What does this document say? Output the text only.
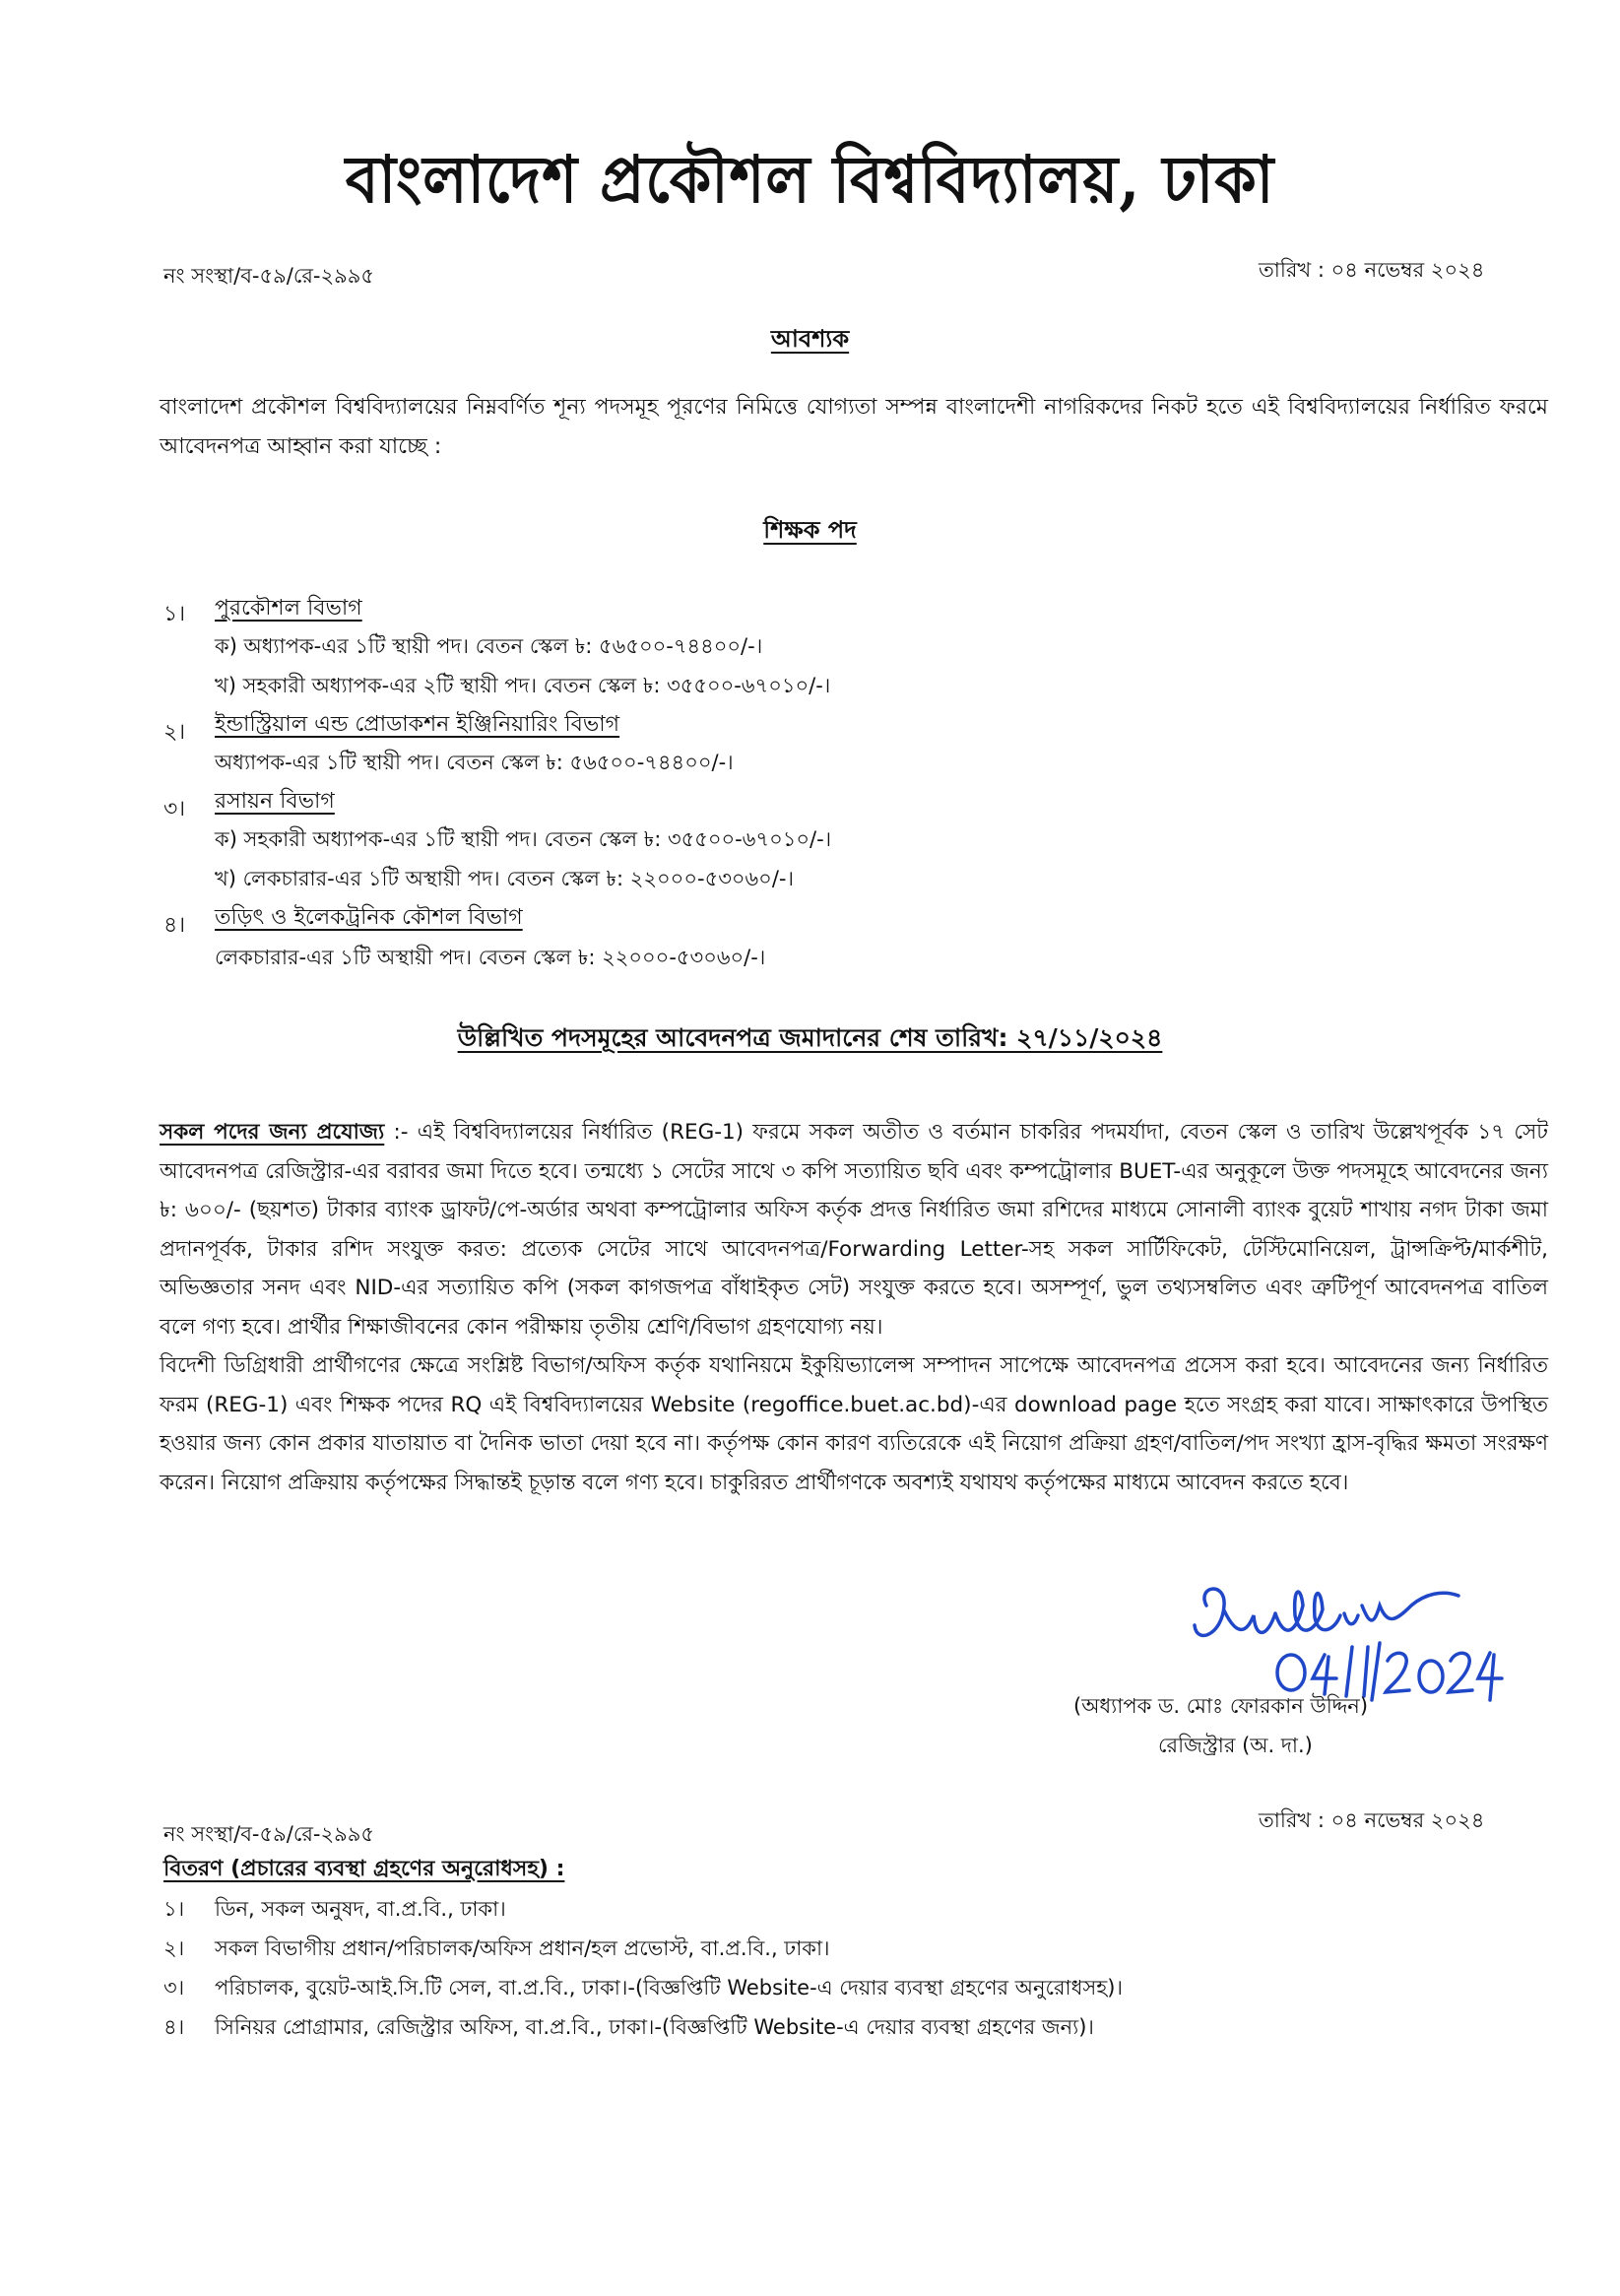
বাংলাদেশ প্রকৌশল বিশ্ববিদ্যালয়, ঢাকা
নং সংস্থা/ব-৫৯/রে-২৯৯৫	তারিখ : ০৪ নভেম্বর ২০২৪
আবশ্যক
বাংলাদেশ প্রকৌশল বিশ্ববিদ্যালয়ের নিম্নবর্ণিত শূন্য পদসমূহ পূরণের নিমিত্তে যোগ্যতা সম্পন্ন বাংলাদেশী নাগরিকদের নিকট হতে এই বিশ্ববিদ্যালয়ের নির্ধারিত ফরমে আবেদনপত্র আহ্বান করা যাচ্ছে :
শিক্ষক পদ
১। পুরকৌশল বিভাগ
ক) অধ্যাপক-এর ১টি স্থায়ী পদ। বেতন স্কেল ৳: ৫৬৫০০-৭৪৪০০/-।
খ) সহকারী অধ্যাপক-এর ২টি স্থায়ী পদ। বেতন স্কেল ৳: ৩৫৫০০-৬৭০১০/-।
২। ইন্ডাস্ট্রিয়াল এন্ড প্রোডাকশন ইঞ্জিনিয়ারিং বিভাগ
অধ্যাপক-এর ১টি স্থায়ী পদ। বেতন স্কেল ৳: ৫৬৫০০-৭৪৪০০/-।
৩। রসায়ন বিভাগ
ক) সহকারী অধ্যাপক-এর ১টি স্থায়ী পদ। বেতন স্কেল ৳: ৩৫৫০০-৬৭০১০/-।
খ) লেকচারার-এর ১টি অস্থায়ী পদ। বেতন স্কেল ৳: ২২০০০-৫৩০৬০/-।
৪। তড়িৎ ও ইলেকট্রনিক কৌশল বিভাগ
লেকচারার-এর ১টি অস্থায়ী পদ। বেতন স্কেল ৳: ২২০০০-৫৩০৬০/-।
উল্লিখিত পদসমূহের আবেদনপত্র জমাদানের শেষ তারিখ: ২৭/১১/২০২৪

সকল পদের জন্য প্রযোজ্য :- এই বিশ্ববিদ্যালয়ের নির্ধারিত (REG-1) ফরমে সকল অতীত ও বর্তমান চাকরির পদমর্যাদা, বেতন স্কেল ও তারিখ উল্লেখপূর্বক ১৭ সেট আবেদনপত্র রেজিস্ট্রার-এর বরাবর জমা দিতে হবে। তন্মধ্যে ১ সেটের সাথে ৩ কপি সত্যায়িত ছবি এবং কম্পট্রোলার BUET-এর অনুকূলে উক্ত পদসমূহে আবেদনের জন্য ৳: ৬০০/- (ছয়শত) টাকার ব্যাংক ড্রাফট/পে-অর্ডার অথবা কম্পট্রোলার অফিস কর্তৃক প্রদত্ত নির্ধারিত জমা রশিদের মাধ্যমে সোনালী ব্যাংক বুয়েট শাখায় নগদ টাকা জমা প্রদানপূর্বক, টাকার রশিদ সংযুক্ত করত: প্রত্যেক সেটের সাথে আবেদনপত্র/Forwarding Letter-সহ সকল সার্টিফিকেট, টেস্টিমোনিয়েল, ট্রান্সক্রিপ্ট/মার্কশীট, অভিজ্ঞতার সনদ এবং NID-এর সত্যায়িত কপি (সকল কাগজপত্র বাঁধাইকৃত সেট) সংযুক্ত করতে হবে। অসম্পূর্ণ, ভুল তথ্যসম্বলিত এবং ত্রুটিপূর্ণ আবেদনপত্র বাতিল বলে গণ্য হবে। প্রার্থীর শিক্ষাজীবনের কোন পরীক্ষায় তৃতীয় শ্রেণি/বিভাগ গ্রহণযোগ্য নয়।

বিদেশী ডিগ্রিধারী প্রার্থীগণের ক্ষেত্রে সংশ্লিষ্ট বিভাগ/অফিস কর্তৃক যথানিয়মে ইকুয়িভ্যালেন্স সম্পাদন সাপেক্ষে আবেদনপত্র প্রসেস করা হবে। আবেদনের জন্য নির্ধারিত ফরম (REG-1) এবং শিক্ষক পদের RQ এই বিশ্ববিদ্যালয়ের Website (regoffice.buet.ac.bd)-এর download page হতে সংগ্রহ করা যাবে। সাক্ষাৎকারে উপস্থিত হওয়ার জন্য কোন প্রকার যাতায়াত বা দৈনিক ভাতা দেয়া হবে না। কর্তৃপক্ষ কোন কারণ ব্যতিরেকে এই নিয়োগ প্রক্রিয়া গ্রহণ/বাতিল/পদ সংখ্যা হ্রাস-বৃদ্ধির ক্ষমতা সংরক্ষণ করেন। নিয়োগ প্রক্রিয়ায় কর্তৃপক্ষের সিদ্ধান্তই চূড়ান্ত বলে গণ্য হবে। চাকুরিরত প্রার্থীগণকে অবশ্যই যথাযথ কর্তৃপক্ষের মাধ্যমে আবেদন করতে হবে।

(অধ্যাপক ড. মোঃ ফোরকান উদ্দিন)
রেজিস্ট্রার (অ. দা.)
নং সংস্থা/ব-৫৯/রে-২৯৯৫
তারিখ : ০৪ নভেম্বর ২০২৪
বিতরণ (প্রচারের ব্যবস্থা গ্রহণের অনুরোধসহ) :
১। ডিন, সকল অনুষদ, বা.প্র.বি., ঢাকা।
২। সকল বিভাগীয় প্রধান/পরিচালক/অফিস প্রধান/হল প্রভোস্ট, বা.প্র.বি., ঢাকা।
৩। পরিচালক, বুয়েট-আই.সি.টি সেল, বা.প্র.বি., ঢাকা।-(বিজ্ঞপ্তিটি Website-এ দেয়ার ব্যবস্থা গ্রহণের অনুরোধসহ)।
৪। সিনিয়র প্রোগ্রামার, রেজিস্ট্রার অফিস, বা.প্র.বি., ঢাকা।-(বিজ্ঞপ্তিটি Website-এ দেয়ার ব্যবস্থা গ্রহণের জন্য)।
